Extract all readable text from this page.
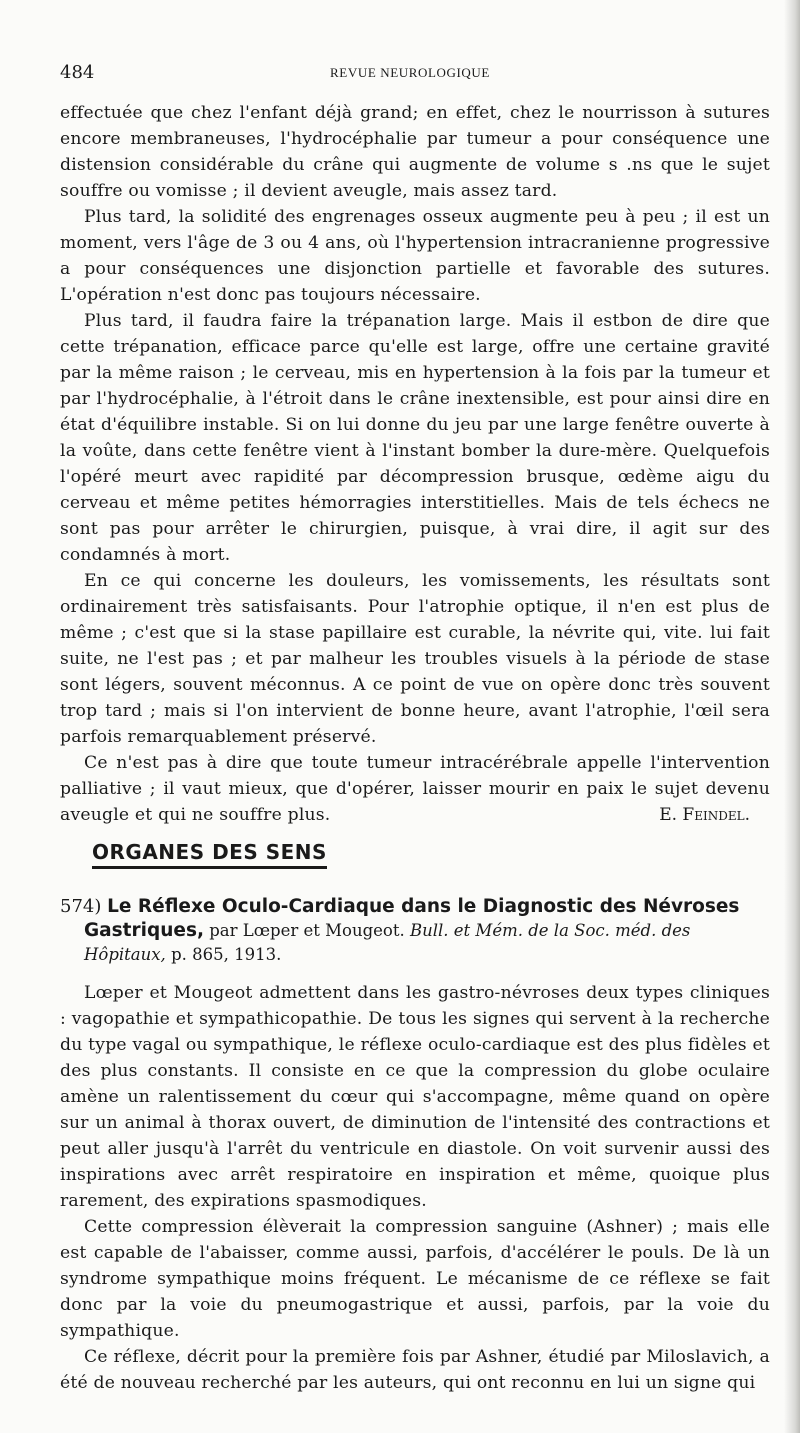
484	REVUE NEUROLOGIQUE

effectuée que chez l'enfant déjà grand; en effet, chez le nourrisson à sutures encore membraneuses, l'hydrocéphalie par tumeur a pour conséquence une distension considérable du crâne qui augmente de volume s .ns que le sujet souffre ou vomisse ; il devient aveugle, mais assez tard.

Plus tard, la solidité des engrenages osseux augmente peu à peu ; il est un moment, vers l'âge de 3 ou 4 ans, où l'hypertension intracranienne progressive a pour conséquences une disjonction partielle et favorable des sutures. L'opération n'est donc pas toujours nécessaire.

Plus tard, il faudra faire la trépanation large. Mais il estbon de dire que cette trépanation, efficace parce qu'elle est large, offre une certaine gravité par la même raison ; le cerveau, mis en hypertension à la fois par la tumeur et par l'hydrocéphalie, à l'étroit dans le crâne inextensible, est pour ainsi dire en état d'équilibre instable. Si on lui donne du jeu par une large fenêtre ouverte à la voûte, dans cette fenêtre vient à l'instant bomber la dure-mère. Quelquefois l'opéré meurt avec rapidité par décompression brusque, œdème aigu du cerveau et même petites hémorragies interstitielles. Mais de tels échecs ne sont pas pour arrêter le chirurgien, puisque, à vrai dire, il agit sur des condamnés à mort.

En ce qui concerne les douleurs, les vomissements, les résultats sont ordinairement très satisfaisants. Pour l'atrophie optique, il n'en est plus de même ; c'est que si la stase papillaire est curable, la névrite qui, vite. lui fait suite, ne l'est pas ; et par malheur les troubles visuels à la période de stase sont légers, souvent méconnus. A ce point de vue on opère donc très souvent trop tard ; mais si l'on intervient de bonne heure, avant l'atrophie, l'œil sera parfois remarquablement préservé.

Ce n'est pas à dire que toute tumeur intracérébrale appelle l'intervention palliative ; il vaut mieux, que d'opérer, laisser mourir en paix le sujet devenu aveugle et qui ne souffre plus.	E. Feindel.
ORGANES DES SENS

574) Le Réflexe Oculo-Cardiaque dans le Diagnostic des Névroses

Gastriques, par Lœper et Mougeot. Bull. et Mém. de la Soc. méd. des Hôpitaux, p. 865, 1913.

Lœper et Mougeot admettent dans les gastro-névroses deux types cliniques : vagopathie et sympathicopathie. De tous les signes qui servent à la recherche du type vagal ou sympathique, le réflexe oculo-cardiaque est des plus fidèles et des plus constants. Il consiste en ce que la compression du globe oculaire amène un ralentissement du cœur qui s'accompagne, même quand on opère sur un animal à thorax ouvert, de diminution de l'intensité des contractions et peut aller jusqu'à l'arrêt du ventricule en diastole. On voit survenir aussi des inspirations avec arrêt respiratoire en inspiration et même, quoique plus rarement, des expirations spasmodiques.

Cette compression élèverait la compression sanguine (Ashner) ; mais elle est capable de l'abaisser, comme aussi, parfois, d'accélérer le pouls. De là un syndrome sympathique moins fréquent. Le mécanisme de ce réflexe se fait donc par la voie du pneumogastrique et aussi, parfois, par la voie du sympathique.

Ce réflexe, décrit pour la première fois par Ashner, étudié par Miloslavich, a été de nouveau recherché par les auteurs, qui ont reconnu en lui un signe qui
